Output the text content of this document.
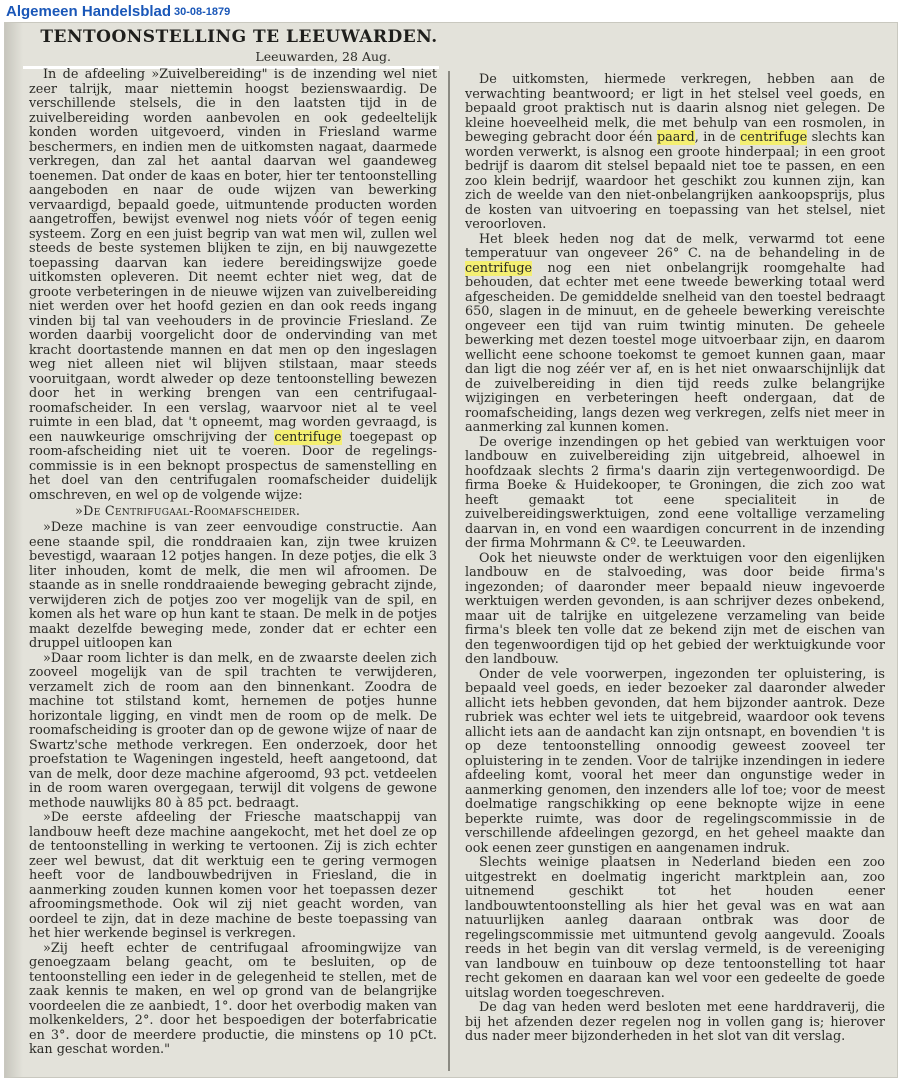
Algemeen Handelsblad 30-08-1879
TENTOONSTELLING TE LEEUWARDEN.
Leeuwarden, 28 Aug.

In de afdeeling »Zuivelbereiding" is de inzending wel niet zeer talrijk, maar niettemin hoogst bezienswaardig. De verschillende stelsels, die in den laatsten tijd in de zuivelbereiding worden aanbevolen en ook gedeeltelijk konden worden uitgevoerd, vinden in Friesland warme beschermers, en indien men de uitkomsten nagaat, daarmede verkregen, dan zal het aantal daarvan wel gaandeweg toenemen. Dat onder de kaas en boter, hier ter tentoonstelling aangeboden en naar de oude wijzen van bewerking vervaardigd, bepaald goede, uitmuntende producten worden aangetroffen, bewijst evenwel nog niets vóór of tegen eenig systeem. Zorg en een juist begrip van wat men wil, zullen wel steeds de beste systemen blijken te zijn, en bij nauwgezette toepassing daarvan kan iedere bereidingswijze goede uitkomsten opleveren. Dit neemt echter niet weg, dat de groote verbeteringen in de nieuwe wijzen van zuivelbereiding niet werden over het hoofd gezien en dan ook reeds ingang vinden bij tal van veehouders in de provincie Friesland. Ze worden daarbij voorgelicht door de ondervinding van met kracht doortastende mannen en dat men op den ingeslagen weg niet alleen niet wil blijven stilstaan, maar steeds vooruitgaan, wordt alweder op deze tentoonstelling bewezen door het in werking brengen van een centrifugaal-roomafscheider. In een verslag, waarvoor niet al te veel ruimte in een blad, dat 't opneemt, mag worden gevraagd, is een nauwkeurige omschrijving der centrifuge toegepast op room-afscheiding niet uit te voeren. Door de regelings-commissie is in een beknopt prospectus de samenstelling en het doel van den centrifugalen roomafscheider duidelijk omschreven, en wel op de volgende wijze:

»De Centrifugaal-Roomafscheider.

»Deze machine is van zeer eenvoudige constructie. Aan eene staande spil, die ronddraaien kan, zijn twee kruizen bevestigd, waaraan 12 potjes hangen. In deze potjes, die elk 3 liter inhouden, komt de melk, die men wil afroomen. De staande as in snelle ronddraaiende beweging gebracht zijnde, verwijderen zich de potjes zoo ver mogelijk van de spil, en komen als het ware op hun kant te staan. De melk in de potjes maakt dezelfde beweging mede, zonder dat er echter een druppel uitloopen kan

»Daar room lichter is dan melk, en de zwaarste deelen zich zooveel mogelijk van de spil trachten te verwijderen, verzamelt zich de room aan den binnenkant. Zoodra de machine tot stilstand komt, hernemen de potjes hunne horizontale ligging, en vindt men de room op de melk. De roomafscheiding is grooter dan op de gewone wijze of naar de Swartz'sche methode verkregen. Een onderzoek, door het proefstation te Wageningen ingesteld, heeft aangetoond, dat van de melk, door deze machine afgeroomd, 93 pct. vetdeelen in de room waren overgegaan, terwijl dit volgens de gewone methode nauwlijks 80 à 85 pct. bedraagt.

»De eerste afdeeling der Friesche maatschappij van landbouw heeft deze machine aangekocht, met het doel ze op de tentoonstelling in werking te vertoonen. Zij is zich echter zeer wel bewust, dat dit werktuig een te gering vermogen heeft voor de landbouwbedrijven in Friesland, die in aanmerking zouden kunnen komen voor het toepassen dezer afroomingsmethode. Ook wil zij niet geacht worden, van oordeel te zijn, dat in deze machine de beste toepassing van het hier werkende beginsel is verkregen.

»Zij heeft echter de centrifugaal afroomingwijze van genoegzaam belang geacht, om te besluiten, op de tentoonstelling een ieder in de gelegenheid te stellen, met de zaak kennis te maken, en wel op grond van de belangrijke voordeelen die ze aanbiedt, 1°. door het overbodig maken van molkenkelders, 2°. door het bespoedigen der boterfabricatie en 3°. door de meerdere productie, die minstens op 10 pCt. kan geschat worden."

De uitkomsten, hiermede verkregen, hebben aan de verwachting beantwoord; er ligt in het stelsel veel goeds, en bepaald groot praktisch nut is daarin alsnog niet gelegen. De kleine hoeveelheid melk, die met behulp van een rosmolen, in beweging gebracht door één paard, in de centrifuge slechts kan worden verwerkt, is alsnog een groote hinderpaal; in een groot bedrijf is daarom dit stelsel bepaald niet toe te passen, en een zoo klein bedrijf, waardoor het geschikt zou kunnen zijn, kan zich de weelde van den niet-onbelangrijken aankoopsprijs, plus de kosten van uitvoering en toepassing van het stelsel, niet veroorloven.

Het bleek heden nog dat de melk, verwarmd tot eene temperatuur van ongeveer 26° C. na de behandeling in de centrifuge nog een niet onbelangrijk roomgehalte had behouden, dat echter met eene tweede bewerking totaal werd afgescheiden. De gemiddelde snelheid van den toestel bedraagt 650, slagen in de minuut, en de geheele bewerking vereischte ongeveer een tijd van ruim twintig minuten. De geheele bewerking met dezen toestel moge uitvoerbaar zijn, en daarom wellicht eene schoone toekomst te gemoet kunnen gaan, maar dan ligt die nog zéér ver af, en is het niet onwaarschijnlijk dat de zuivelbereiding in dien tijd reeds zulke belangrijke wijzigingen en verbeteringen heeft ondergaan, dat de roomafscheiding, langs dezen weg verkregen, zelfs niet meer in aanmerking zal kunnen komen.

De overige inzendingen op het gebied van werktuigen voor landbouw en zuivelbereiding zijn uitgebreid, alhoewel in hoofdzaak slechts 2 firma's daarin zijn vertegenwoordigd. De firma Boeke & Huidekooper, te Groningen, die zich zoo wat heeft gemaakt tot eene specialiteit in de zuivelbereidingswerktuigen, zond eene voltallige verzameling daarvan in, en vond een waardigen concurrent in de inzending der firma Mohrmann & Cº. te Leeuwarden.

Ook het nieuwste onder de werktuigen voor den eigenlijken landbouw en de stalvoeding, was door beide firma's ingezonden; of daaronder meer bepaald nieuw ingevoerde werktuigen werden gevonden, is aan schrijver dezes onbekend, maar uit de talrijke en uitgelezene verzameling van beide firma's bleek ten volle dat ze bekend zijn met de eischen van den tegenwoordigen tijd op het gebied der werktuigkunde voor den landbouw.

Onder de vele voorwerpen, ingezonden ter opluistering, is bepaald veel goeds, en ieder bezoeker zal daaronder alweder allicht iets hebben gevonden, dat hem bijzonder aantrok. Deze rubriek was echter wel iets te uitgebreid, waardoor ook tevens allicht iets aan de aandacht kan zijn ontsnapt, en bovendien 't is op deze tentoonstelling onnoodig geweest zooveel ter opluistering in te zenden. Voor de talrijke inzendingen in iedere afdeeling komt, vooral het meer dan ongunstige weder in aanmerking genomen, den inzenders alle lof toe; voor de meest doelmatige rangschikking op eene beknopte wijze in eene beperkte ruimte, was door de regelingscommissie in de verschillende afdeelingen gezorgd, en het geheel maakte dan ook eenen zeer gunstigen en aangenamen indruk.

Slechts weinige plaatsen in Nederland bieden een zoo uitgestrekt en doelmatig ingericht marktplein aan, zoo uitnemend geschikt tot het houden eener landbouwtentoonstelling als hier het geval was en wat aan natuurlijken aanleg daaraan ontbrak was door de regelingscommissie met uitmuntend gevolg aangevuld. Zooals reeds in het begin van dit verslag vermeld, is de vereeniging van landbouw en tuinbouw op deze tentoonstelling tot haar recht gekomen en daaraan kan wel voor een gedeelte de goede uitslag worden toegeschreven.

De dag van heden werd besloten met eene harddraverij, die bij het afzenden dezer regelen nog in vollen gang is; hierover dus nader meer bijzonderheden in het slot van dit verslag.
